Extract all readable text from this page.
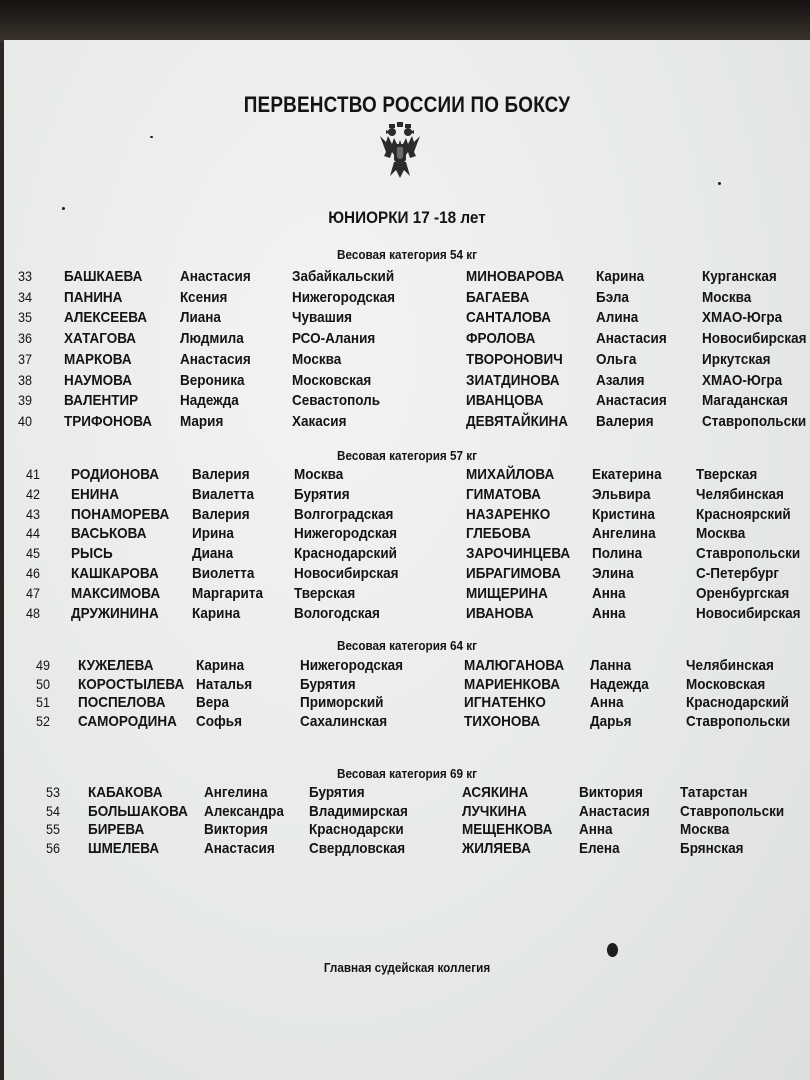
ПЕРВЕНСТВО РОССИИ ПО БОКСУ
ЮНИОРКИ 17 -18 лет
Весовая категория 54 кг
33 БАШКАЕВА	Анастасия	Забайкальский	МИНОВАРОВА Карина	Курганская
34 ПАНИНА	Ксения	Нижегородская	БАГАЕВА	Бэла	Москва
35 АЛЕКСЕЕВА Лиана	Чувашия	САНТАЛОВА	Алина	ХМАО-Югра
36 ХАТАГОВА	Людмила	РСО-Алания	ФРОЛОВА	Анастасия Новосибирская
37 МАРКОВА	Анастасия	Москва	ТВОРОНОВИЧ Ольга	Иркутская
38 НАУМОВА	Вероника	Московская	ЗИАТДИНОВА Азалия	ХМАО-Югра
39 ВАЛЕНТИР	Надежда	Севастополь	ИВАНЦОВА	Анастасия Магаданская
40 ТРИФОНОВА Мария	Хакасия	ДЕВЯТАЙКИНА Валерия	Ставропольски
Весовая категория 57 кг
41 РОДИОНОВА Валерия	Москва	МИХАЙЛОВА	Екатерина Тверская
42 ЕНИНА	Виалетта	Бурятия	ГИМАТОВА	Эльвира	Челябинская
43 ПОНАМОРЕВА Валерия	Волгоградская	НАЗАРЕНКО	Кристина	Красноярский
44 ВАСЬКОВА	Ирина	Нижегородская	ГЛЕБОВА	Ангелина	Москва
45 РЫСЬ	Диана	Краснодарский	ЗАРОЧИНЦЕВА Полина	Ставропольски
46 КАШКАРОВА Виолетта	Новосибирская	ИБРАГИМОВА Элина	С-Петербург
47 МАКСИМОВА Маргарита Тверская	МИЩЕРИНА	Анна	Оренбургская
48 ДРУЖИНИНА Карина	Вологодская	ИВАНОВА	Анна	Новосибирская
Весовая категория 64 кг
49 КУЖЕЛЕВА	Карина	Нижегородская	МАЛЮГАНОВА Ланна	Челябинская
50 КОРОСТЫЛЕВА Наталья	Бурятия	МАРИЕНКОВА Надежда Московская
51 ПОСПЕЛОВА Вера	Приморский	ИГНАТЕНКО	Анна	Краснодарский
52 САМОРОДИНА Софья	Сахалинская	ТИХОНОВА	Дарья	Ставропольски
Весовая категория 69 кг
53 КАБАКОВА	Ангелина	Бурятия	АСЯКИНА	Виктория Татарстан
54 БОЛЬШАКОВА Александра Владимирская	ЛУЧКИНА	Анастасия Ставропольски
55 БИРЕВА	Виктория	Краснодарски	МЕЩЕНКОВА Анна	Москва
56 ШМЕЛЕВА	Анастасия Свердловская	ЖИЛЯЕВА	Елена	Брянская
Главная судейская коллегия
